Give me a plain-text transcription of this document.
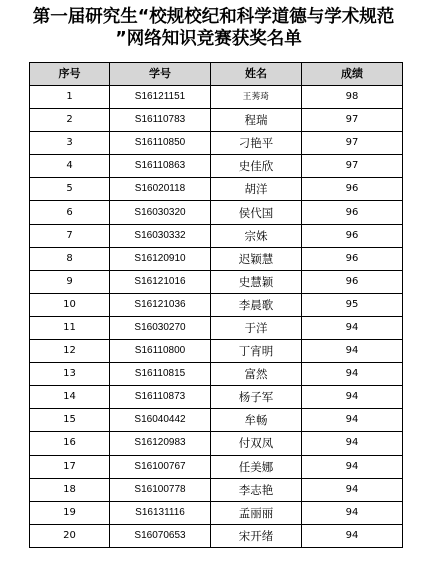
第一届研究生“校规校纪和科学道德与学术规范
”网络知识竞赛获奖名单
序号	学号	姓名	成绩
1	S16121151	王莠琦	98
2	S16110783	程瑞	97
3	S16110850	刁艳平	97
4	S16110863	史佳欣	97
5	S16020118	胡洋	96
6	S16030320	侯代国	96
7	S16030332	宗姝	96
8	S16120910	迟颖慧	96
9	S16121016	史慧颖	96
10	S16121036	李晨歌	95
11	S16030270	于洋	94
12	S16110800	丁宵明	94
13	S16110815	富然	94
14	S16110873	杨子军	94
15	S16040442	牟畅	94
16	S16120983	付双凤	94
17	S16100767	任美娜	94
18	S16100778	李志艳	94
19	S16131116	孟丽丽	94
20	S16070653	宋开绪	94
